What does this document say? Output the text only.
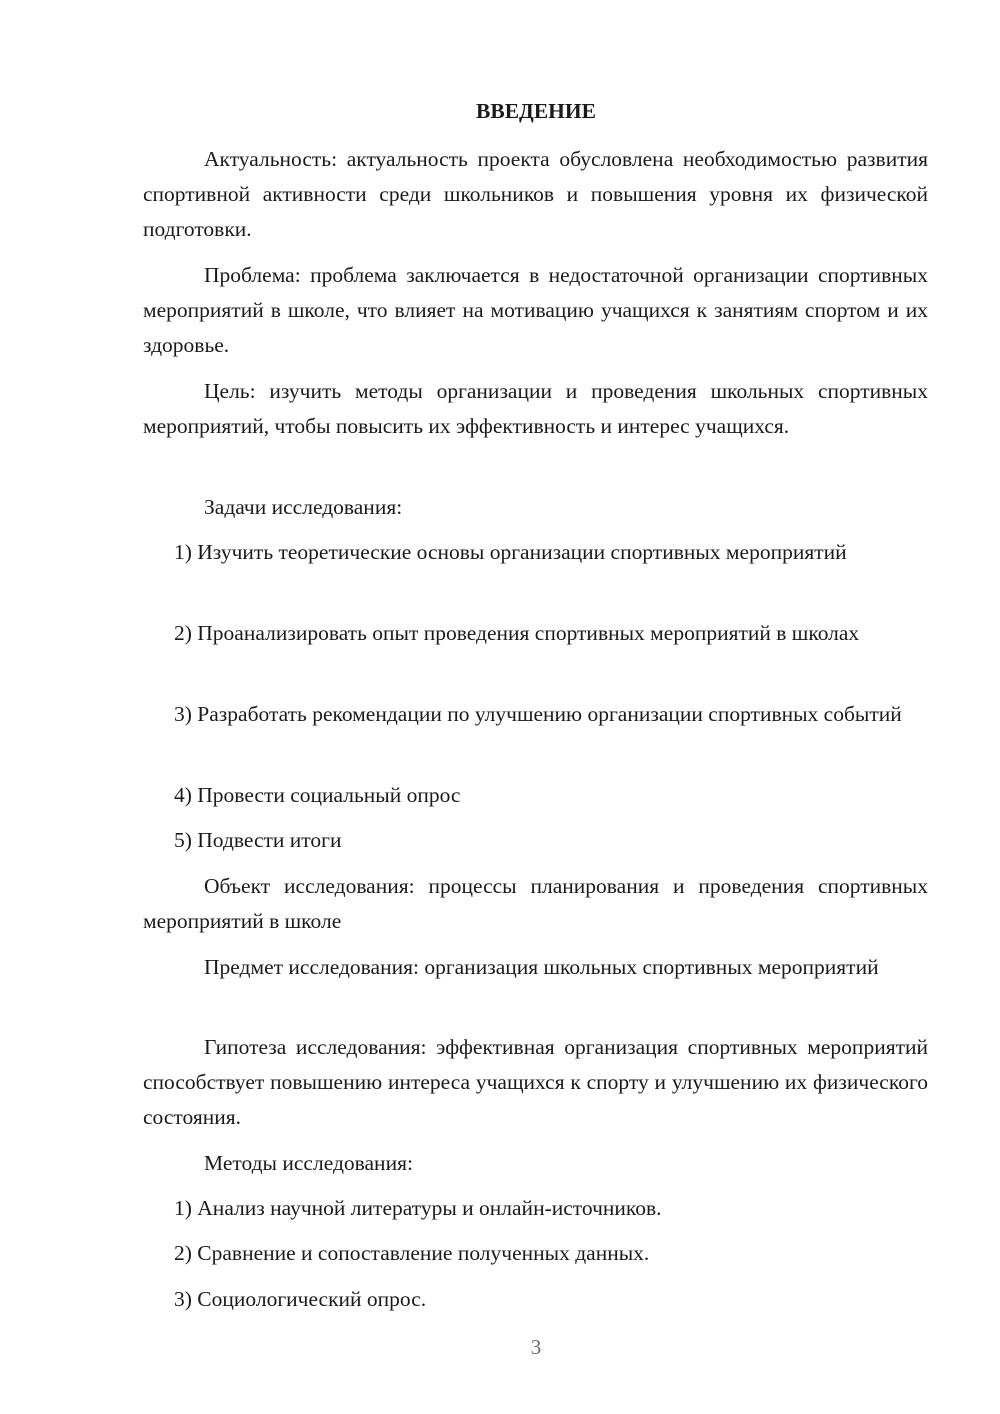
ВВЕДЕНИЕ

Актуальность: актуальность проекта обусловлена необходимостью развития спортивной активности среди школьников и повышения уровня их физической подготовки.

Проблема: проблема заключается в недостаточной организации спортивных мероприятий в школе, что влияет на мотивацию учащихся к занятиям спортом и их здоровье.

Цель: изучить методы организации и проведения школьных спортивных мероприятий, чтобы повысить их эффективность и интерес учащихся.

Задачи исследования:

1) Изучить теоретические основы организации спортивных мероприятий

2) Проанализировать опыт проведения спортивных мероприятий в школах

3) Разработать рекомендации по улучшению организации спортивных событий

4) Провести социальный опрос

5) Подвести итоги

Объект исследования: процессы планирования и проведения спортивных мероприятий в школе

Предмет исследования: организация школьных спортивных мероприятий

Гипотеза исследования: эффективная организация спортивных мероприятий способствует повышению интереса учащихся к спорту и улучшению их физического состояния.

Методы исследования:

1) Анализ научной литературы и онлайн-источников.

2) Сравнение и сопоставление полученных данных.

3) Социологический опрос.

3
